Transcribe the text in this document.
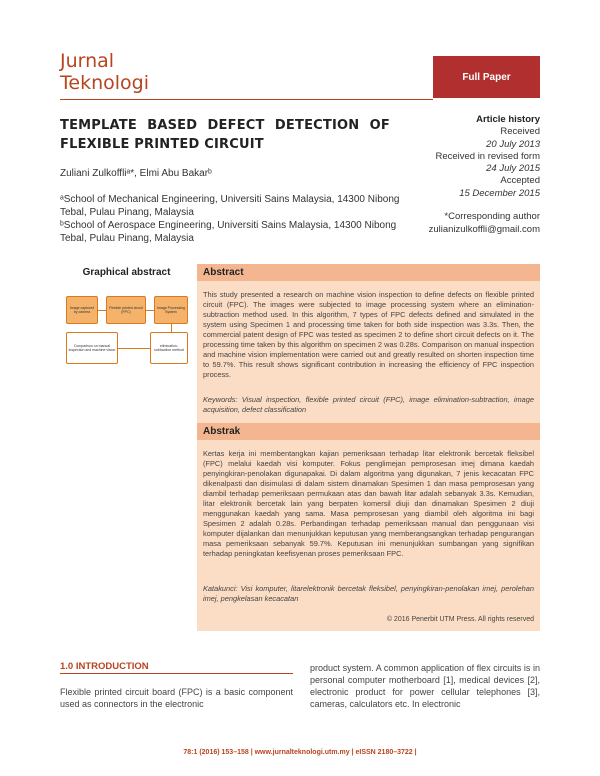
Jurnal
Teknologi	Full Paper
TEMPLATE BASED DEFECT DETECTION OF FLEXIBLE PRINTED CIRCUIT
Zuliani Zulkoffliᵃ*, Elmi Abu Bakarᵇ
ᵃSchool of Mechanical Engineering, Universiti Sains Malaysia, 14300 Nibong Tebal, Pulau Pinang, Malaysia
ᵇSchool of Aerospace Engineering, Universiti Sains Malaysia, 14300 Nibong Tebal, Pulau Pinang, Malaysia
Article history
Received
20 July 2013
Received in revised form
24 July 2015
Accepted
15 December 2015
*Corresponding author
zulianizulkoffli@gmail.com
Graphical abstract
Image captured by camera
Flexible printed circuit (FPC)
Image Processing System
Comparison on manual inspection and machine vision
elimination-subtraction method
Abstract
This study presented a research on machine vision inspection to define defects on flexible printed circuit (FPC). The images were subjected to image processing system where an elimination-subtraction method used. In this algorithm, 7 types of FPC defects defined and simulated in the system using Specimen 1 and processing time taken for both side inspection was 3.3s. Then, the commercial patent design of FPC was tested as specimen 2 to define short circuit defects on it. The processing time taken by this algorithm on specimen 2 was 0.28s. Comparison on manual inspection and machine vision implementation were carried out and greatly resulted on shorten inspection time to 59.7%. This result shows significant contribution in increasing the efficiency of FPC inspection process.
Keywords: Visual inspection, flexible printed circuit (FPC), image elimination-subtraction, image acquisition, defect classification
Abstrak
Kertas kerja ini membentangkan kajian pemeriksaan terhadap litar elektronik bercetak fleksibel (FPC) melalui kaedah visi komputer. Fokus penglimejan pemprosesan imej dimana kaedah penyingkiran-penolakan digunapakai. Di dalam algoritma yang digunakan, 7 jenis kecacatan FPC dikenalpasti dan disimulasi di dalam sistem dinamakan Spesimen 1 dan masa pemprosesan yang diambil terhadap pemeriksaan permukaan atas dan bawah litar adalah sebanyak 3.3s. Kemudian, litar elektronik bercetak lain yang berpaten komersil diuji dan dinamakan Spesimen 2 diuji menggunakan kaedah yang sama. Masa pemprosesan yang diambil oleh algoritma ini bagi Spesimen 2 adalah 0.28s. Perbandingan terhadap pemeriksaan manual dan penggunaan visi komputer dijalankan dan menunjukkan keputusan yang memberangsangkan terhadap pengurangan masa pemeriksaan sebanyak 59.7%. Keputusan ini menunjukkan sumbangan yang signifikan terhadap peningkatan keefisyenan proses pemeriksaan FPC.
Katakunci: Visi komputer, litarelektronik bercetak fleksibel, penyingkiran-penolakan imej, perolehan imej, pengkelasan kecacatan
© 2016 Penerbit UTM Press. All rights reserved
1.0 INTRODUCTION
Flexible printed circuit board (FPC) is a basic component used as connectors in the electronic
product system. A common application of flex circuits is in personal computer motherboard [1], medical devices [2], electronic product for power cellular telephones [3], cameras, calculators etc. In electronic
78:1 (2016) 153–158 | www.jurnalteknologi.utm.my | eISSN 2180–3722 |
